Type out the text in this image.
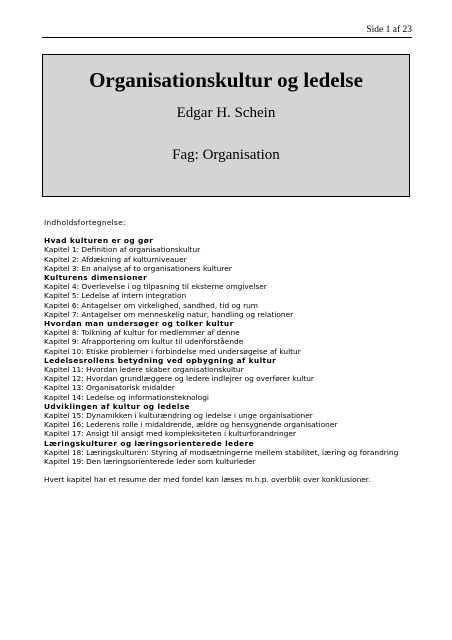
Side 1 af 23
Organisationskultur og ledelse
Edgar H. Schein
Fag: Organisation
Indholdsfortegnelse:
Hvad kulturen er og gør
Kapitel 1: Definition af organisationskultur
Kapitel 2: Afdækning af kulturniveauer
Kapitel 3: En analyse af to organisationers kulturer
Kulturens dimensioner
Kapitel 4: Overlevelse i og tilpasning til eksterne omgivelser
Kapitel 5: Ledelse af intern integration
Kapitel 6: Antagelser om virkelighed, sandhed, tid og rum
Kapitel 7: Antagelser om menneskelig natur, handling og relationer
Hvordan man undersøger og tolker kultur
Kapitel 8: Tolkning af kultur for medlemmer af denne
Kapitel 9: Afrapportering om kultur til udenforstående
Kapitel 10: Etiske problemer i forbindelse med undersøgelse af kultur
Ledelsesrollens betydning ved opbygning af kultur
Kapitel 11: Hvordan ledere skaber organisationskultur
Kapitel 12: Hvordan grundlæggere og ledere indlejrer og overfører kultur
Kapitel 13: Organisatorisk midalder
Kapitel 14: Ledelse og informationsteknologi
Udviklingen af kultur og ledelse
Kapitel 15: Dynamikken i kulturændring og ledelse i unge organisationer
Kapitel 16: Lederens rolle i midaldrende, ældre og hensygnende organisationer
Kapitel 17: Ansigt til ansigt med kompleksiteten i kulturforandringer
Læringskulturer og læringsorienterede ledere
Kapitel 18: Læringskulturen: Styring af modsætningerne mellem stabilitet, læring og forandring
Kapitel 19: Den læringsorienterede leder som kulturleder
Hvert kapitel har et resume der med fordel kan læses m.h.p. overblik over konklusioner.
